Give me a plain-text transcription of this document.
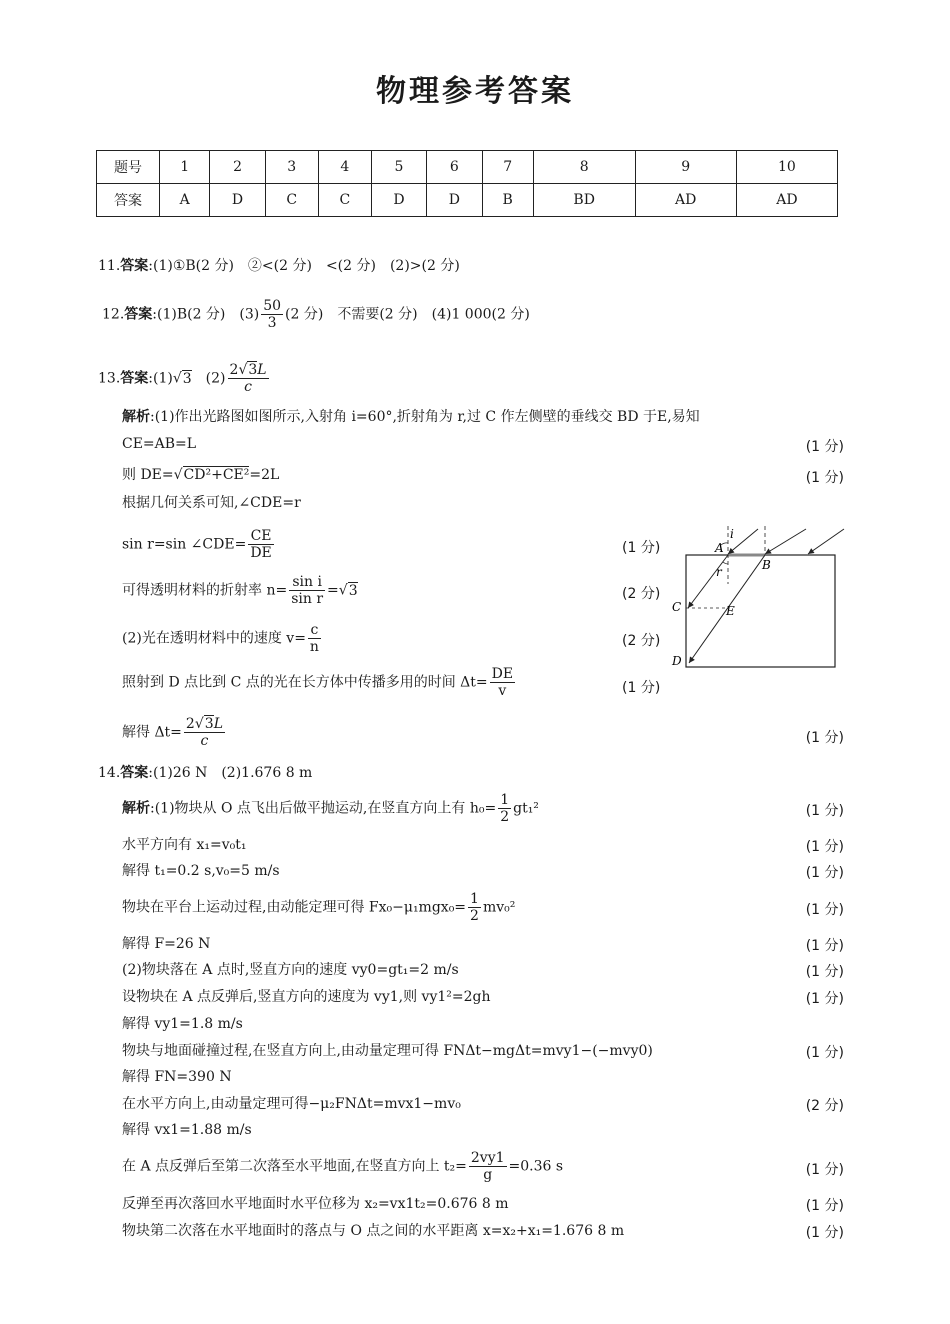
物理参考答案
题号	1	2	3	4	5	6	7	8	9	10
答案	A	D	C	C	D	D	B	BD	AD	AD
11.答案:(1)①B(2 分)　②<(2 分)　<(2 分)　(2)>(2 分)
12.答案:(1)B(2 分)　$(3) \frac{50}{3} (2$ 分)　不需要(2 分)　(4)1 000(2 分)
13.答案:(1)√3　 $(2) \frac{2√3L}{c}$
解析:(1)作出光路图如图所示,入射角 i=60°,折射角为 r,过 C 作左侧壁的垂线交 BD 于E,易知
CE=AB=L	(1 分)
则 DE=√CD²+CE²=2L	(1 分)
根据几何关系可知,∠CDE=r
sin r=sin ∠CDE= $\frac{CE}{DE}$	(1 分)
可得透明材料的折射率 $n= \frac{\text{sin i}}{\text{sin r}} =√3$	(2 分)
(2)光在透明材料中的速度 $v= \frac{c}{n}$	(2 分)
照射到 D 点比到 C 点的光在长方体中传播多用的时间 $\Delta t= \frac{DE}{v}$	(1 分)
解得 $\Delta t= \frac{2√3L}{c}$	(1 分)
i
A
B
r
C	E
D
14.答案:(1)26 N　(2)1.676 8 m
解析:(1)物块从 O 点飞出后做平抛运动,在竖直方向上有 $h_0= \frac{1}{2} gt_1^2$	(1 分)
水平方向有 x₁=v₀t₁	(1 分)
解得 t₁=0.2 s,v₀=5 m/s	(1 分)
物块在平台上运动过程,由动能定理可得 $Fx_0-\mu_1mgx_0= \frac{1}{2} mv_0^2$	(1 分)
解得 F=26 N	(1 分)
(2)物块落在 A 点时,竖直方向的速度 vy0=gt₁=2 m/s	(1 分)
设物块在 A 点反弹后,竖直方向的速度为 vy1,则 vy1²=2gh	(1 分)
解得 vy1=1.8 m/s
物块与地面碰撞过程,在竖直方向上,由动量定理可得 FNΔt−mgΔt=mvy1−(−mvy0)	(1 分)
解得 FN=390 N
在水平方向上,由动量定理可得−μ₂FNΔt=mvx1−mv₀	(2 分)
解得 vx1=1.88 m/s
在 A 点反弹后至第二次落至水平地面,在竖直方向上 $t_2= \frac{2vy1}{g} =0.36$ s	(1 分)
反弹至再次落回水平地面时水平位移为 x₂=vx1t₂=0.676 8 m	(1 分)
物块第二次落在水平地面时的落点与 O 点之间的水平距离 x=x₂+x₁=1.676 8 m	(1 分)
